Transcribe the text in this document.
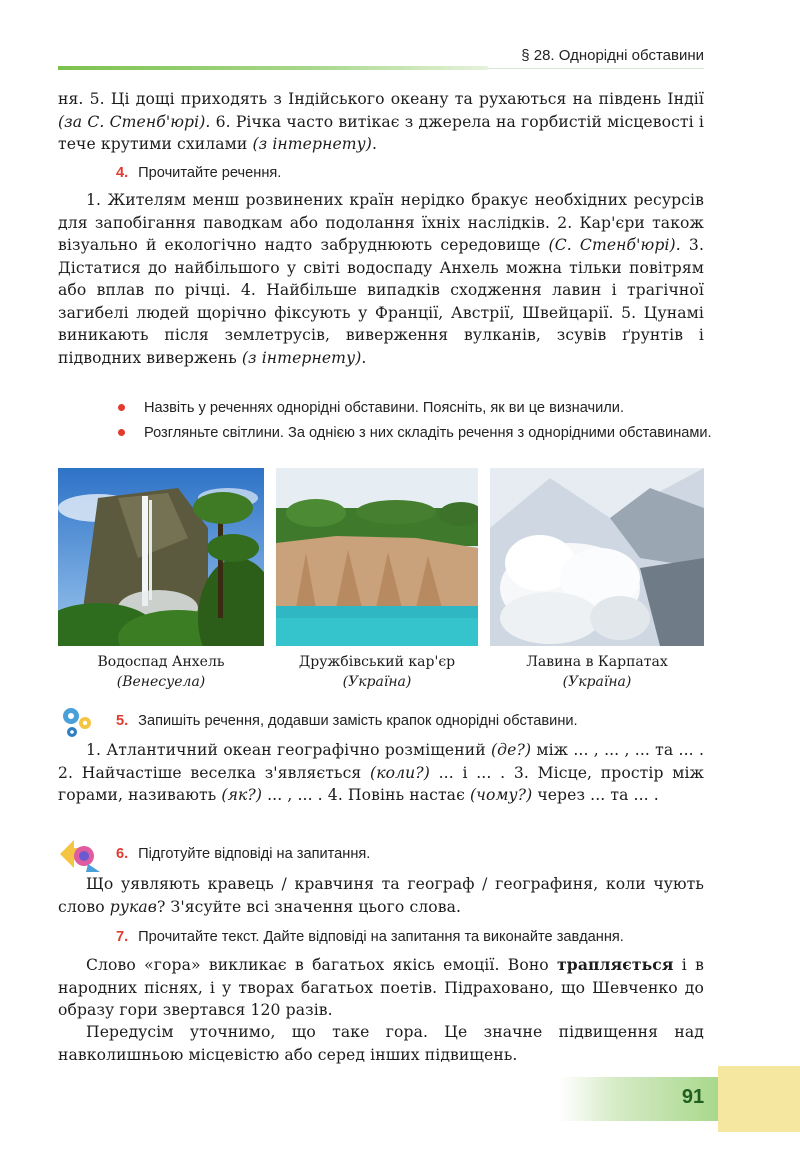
§ 28. Однорідні обставини
ня. 5. Ці дощі приходять з Індійського океану та рухаються на південь Індії (за С. Стенб'юрі). 6. Річка часто витікає з джерела на горбистій місцевості і тече крутими схилами (з інтернету).
4. Прочитайте речення.
1. Жителям менш розвинених країн нерідко бракує необхідних ресурсів для запобігання паводкам або подолання їхніх наслідків. 2. Кар'єри також візуально й екологічно надто забруднюють середовище (С. Стенб'юрі). 3. Дістатися до найбільшого у світі водоспаду Анхель можна тільки повітрям або вплав по річці. 4. Найбільше випадків сходження лавин і трагічної загибелі людей щорічно фіксують у Франції, Австрії, Швейцарії. 5. Цунамі виникають після землетрусів, виверження вулканів, зсувів ґрунтів і підводних вивержень (з інтернету).
Назвіть у реченнях однорідні обставини. Поясніть, як ви це визначили.
Розгляньте світлини. За однією з них складіть речення з однорідними обставинами.
Водоспад Анхель
(Венесуела)
Дружбівський кар'єр
(Україна)
Лавина в Карпатах
(Україна)
5. Запишіть речення, додавши замість крапок однорідні обставини.
1. Атлантичний океан географічно розміщений (де?) між ... , ... , ... та ... . 2. Найчастіше веселка з'являється (коли?) ... і ... . 3. Місце, простір між горами, називають (як?) ... , ... . 4. Повінь настає (чому?) через ... та ... .
6. Підготуйте відповіді на запитання.
Що уявляють кравець / кравчиня та географ / географиня, коли чують слово рукав? З'ясуйте всі значення цього слова.
7. Прочитайте текст. Дайте відповіді на запитання та виконайте завдання.
Слово «гора» викликає в багатьох якісь емоції. Воно трапляється і в народних піснях, і у творах багатьох поетів. Підраховано, що Шевченко до образу гори звертався 120 разів.
Передусім уточнимо, що таке гора. Це значне підвищення над навколишньою місцевістю або серед інших підвищень.
91
